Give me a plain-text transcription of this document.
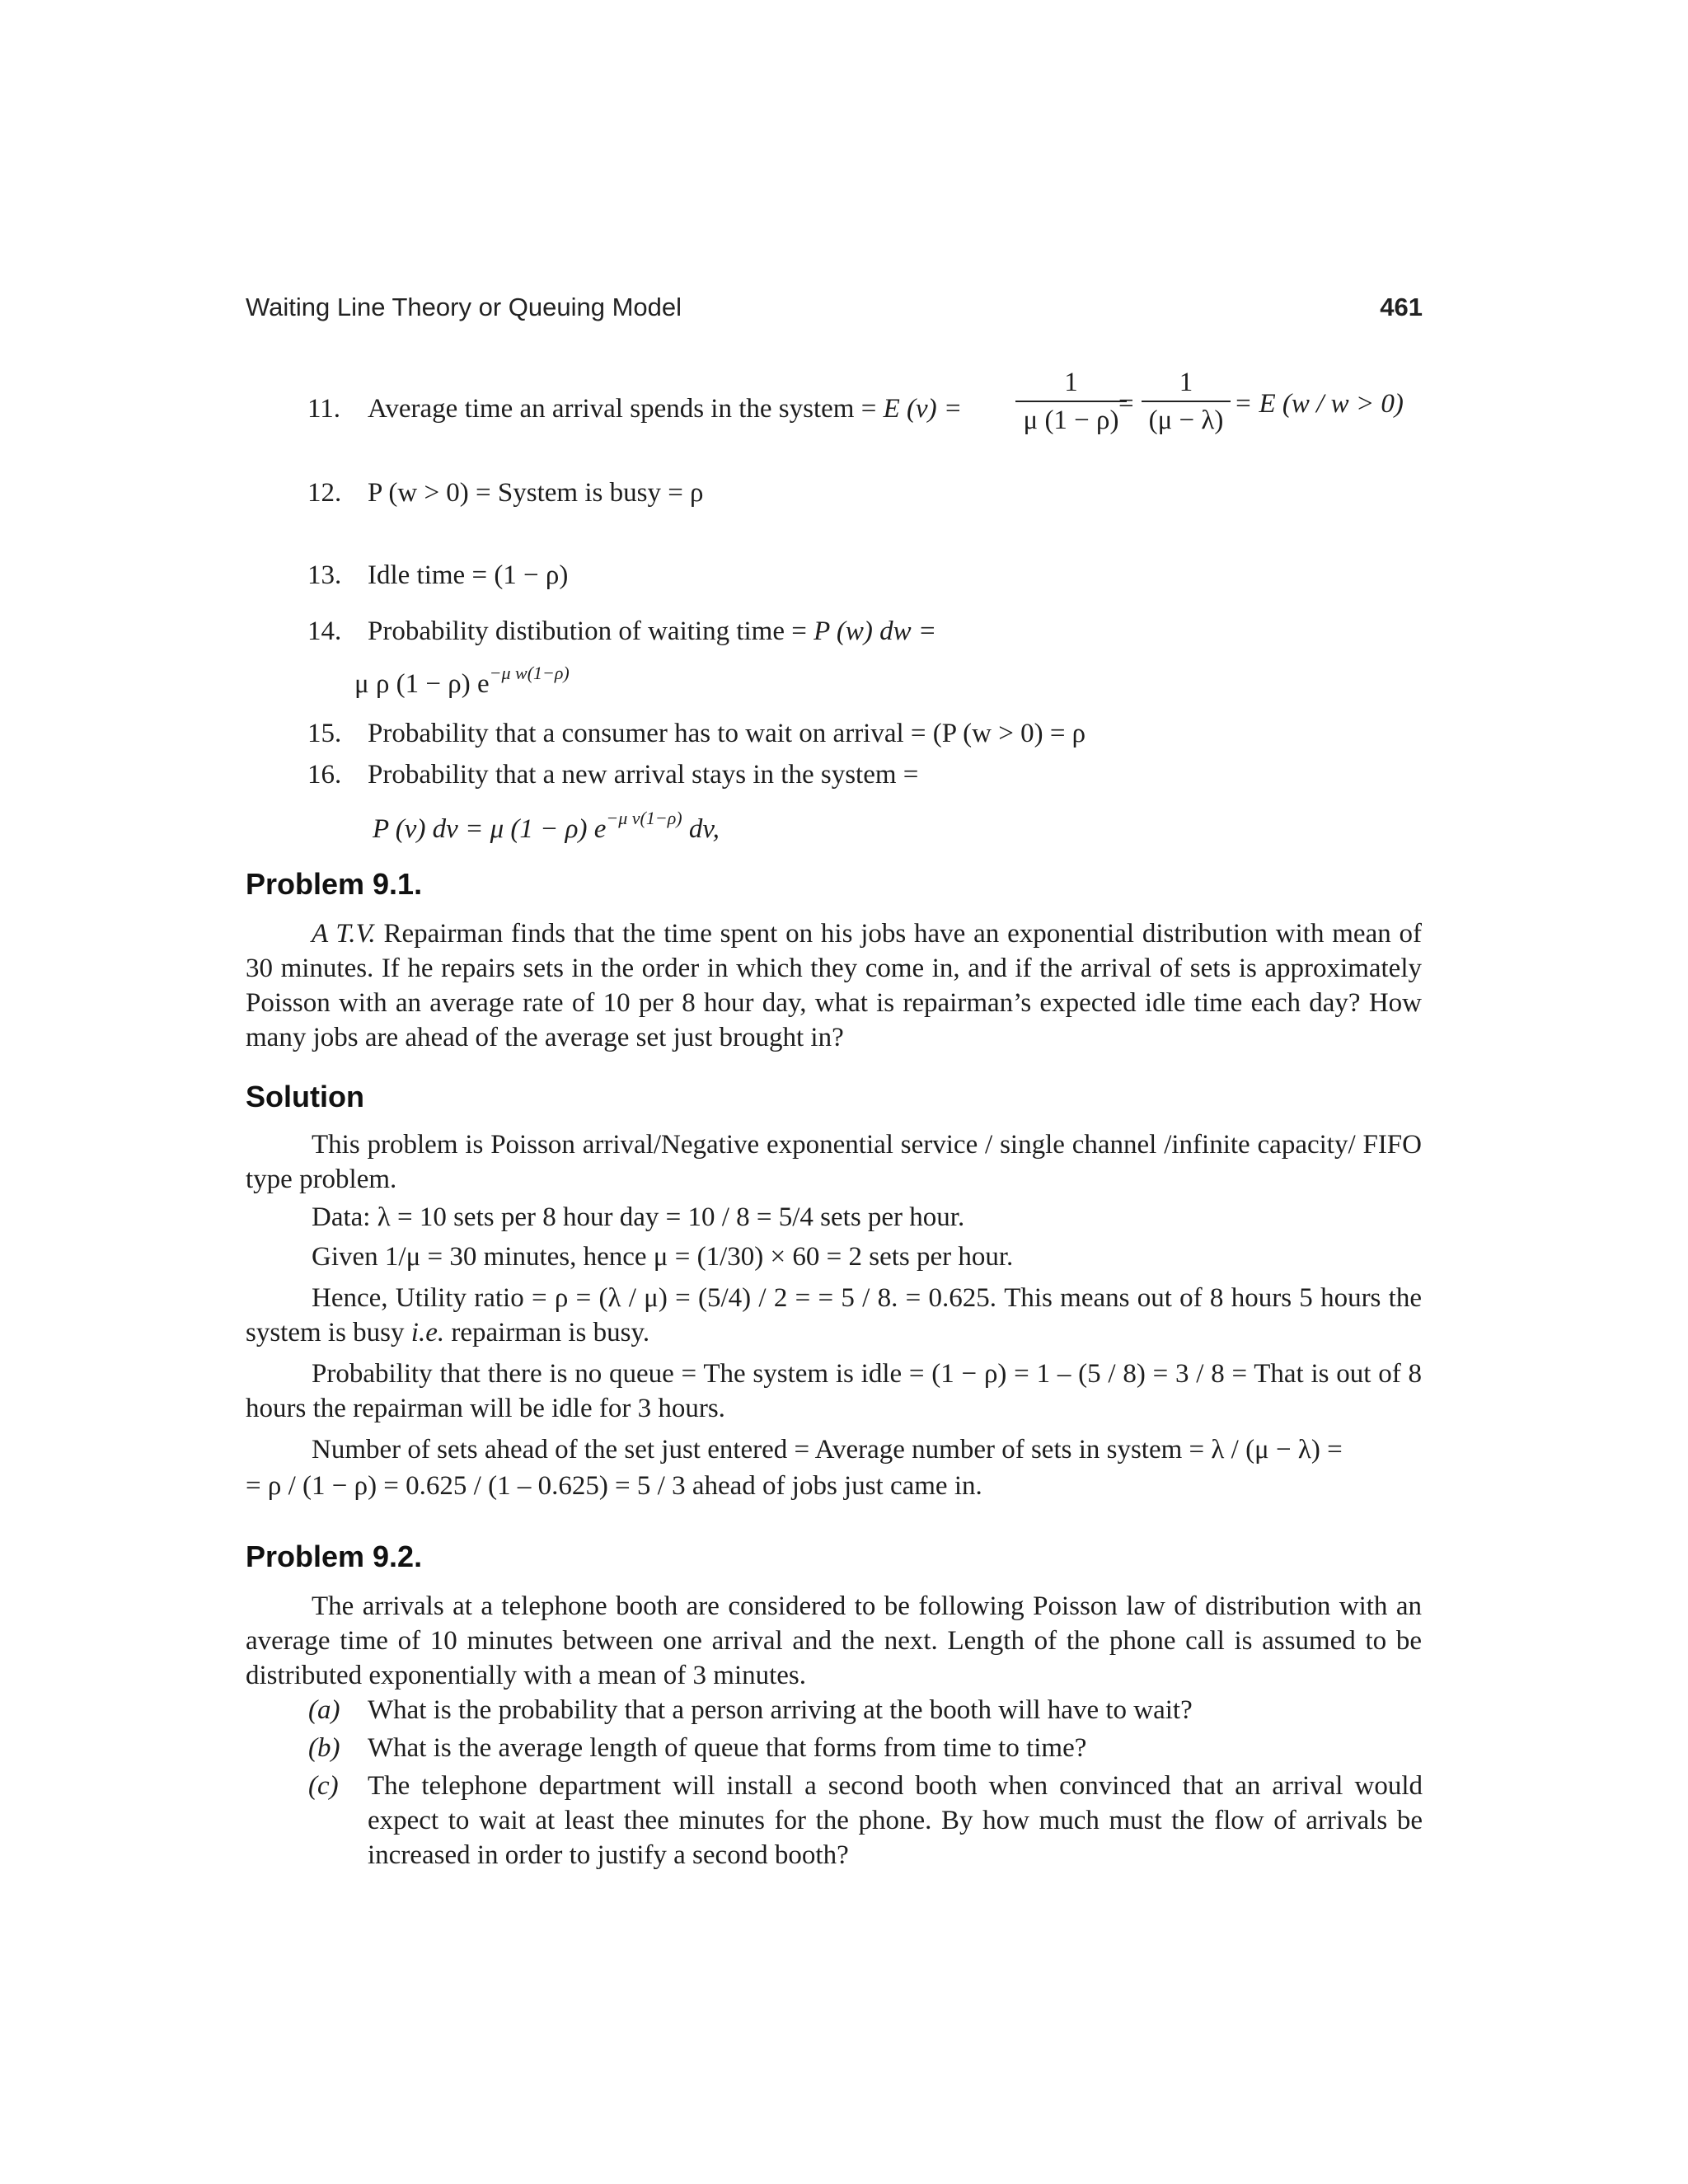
Waiting Line Theory or Queuing Model	461
11. Average time an arrival spends in the system = E (v) =
1
μ (1 − ρ)
=
1
(μ − λ)
= E (w / w > 0)
12. P (w > 0) = System is busy = ρ
13. Idle time = (1 − ρ)
14. Probability distibution of waiting time = P (w) dw =
μ ρ (1 − ρ) $e^{-\mu w(1-\rho)}$
15. Probability that a consumer has to wait on arrival = (P (w > 0) = ρ
16. Probability that a new arrival stays in the system =
P (v) dv = μ (1 − ρ) $e^{-\mu v(1-\rho)}$ dv,
Problem 9.1.

A T.V. Repairman finds that the time spent on his jobs have an exponential distribution with mean of 30 minutes. If he repairs sets in the order in which they come in, and if the arrival of sets is approximately Poisson with an average rate of 10 per 8 hour day, what is repairman’s expected idle time each day? How many jobs are ahead of the average set just brought in?

Solution

This problem is Poisson arrival/Negative exponential service / single channel /infinite capacity/ FIFO type problem.

Data: λ = 10 sets per 8 hour day = 10 / 8 = 5/4 sets per hour.

Given 1/μ = 30 minutes, hence μ = (1/30) × 60 = 2 sets per hour.

Hence, Utility ratio = ρ = (λ / μ) = (5/4) / 2 = = 5 / 8. = 0.625. This means out of 8 hours 5 hours the system is busy i.e. repairman is busy.

Probability that there is no queue = The system is idle = (1 − ρ) = 1 – (5 / 8) = 3 / 8 = That is out of 8 hours the repairman will be idle for 3 hours.

Number of sets ahead of the set just entered = Average number of sets in system = λ / (μ − λ) =

= ρ / (1 − ρ) = 0.625 / (1 – 0.625) = 5 / 3 ahead of jobs just came in.

Problem 9.2.

The arrivals at a telephone booth are considered to be following Poisson law of distribution with an average time of 10 minutes between one arrival and the next. Length of the phone call is assumed to be distributed exponentially with a mean of 3 minutes.

(a) What is the probability that a person arriving at the booth will have to wait?
(b) What is the average length of queue that forms from time to time?
(c) The telephone department will install a second booth when convinced that an arrival would expect to wait at least thee minutes for the phone. By how much must the flow of arrivals be increased in order to justify a second booth?
